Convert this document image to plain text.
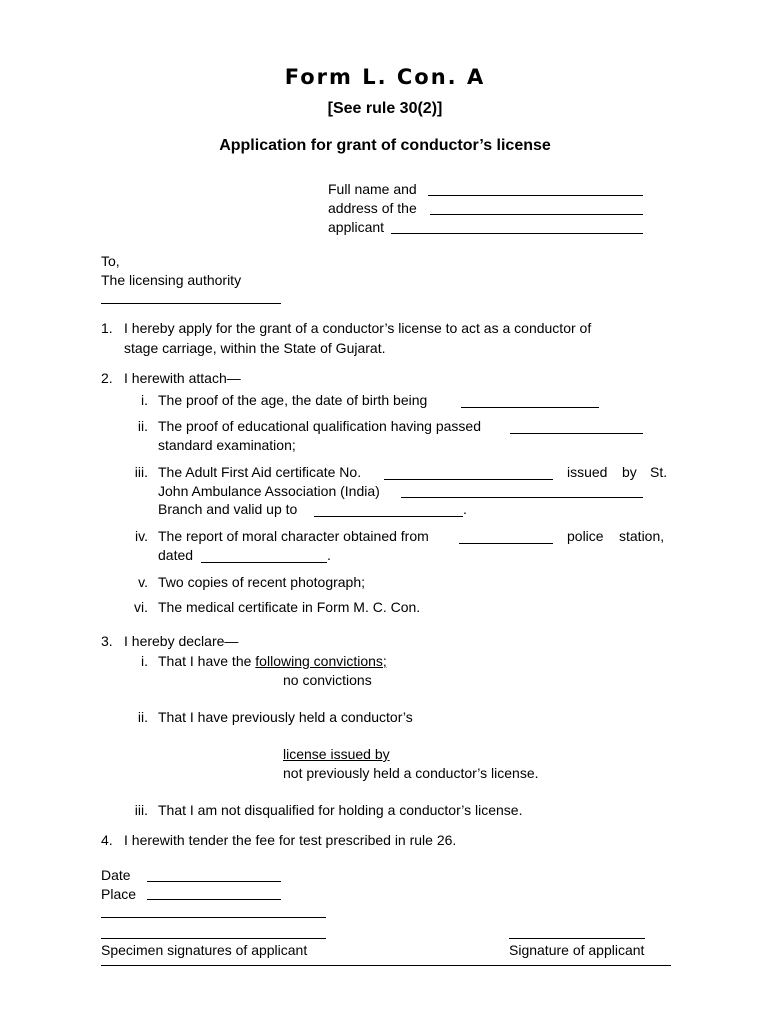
Form L. Con. A
[See rule 30(2)]
Application for grant of conductor’s license
Full name and
address of the
applicant
To,
The licensing authority
1. I hereby apply for the grant of a conductor’s license to act as a conductor of
stage carriage, within the State of Gujarat.
2. I herewith attach—
i. The proof of the age, the date of birth being
ii. The proof of educational qualification having passed
standard examination;
iii. The Adult First Aid certificate No.	issued by St.
John Ambulance Association (India)
Branch and valid up to	.
iv. The report of moral character obtained from	police station,
dated	.
v. Two copies of recent photograph;
vi. The medical certificate in Form M. C. Con.
3. I hereby declare—
i. That I have the following convictions;
no convictions
ii. That I have previously held a conductor’s
license issued by
not previously held a conductor’s license.
iii. That I am not disqualified for holding a conductor’s license.
4. I herewith tender the fee for test prescribed in rule 26.
Date
Place
Specimen signatures of applicant	Signature of applicant
